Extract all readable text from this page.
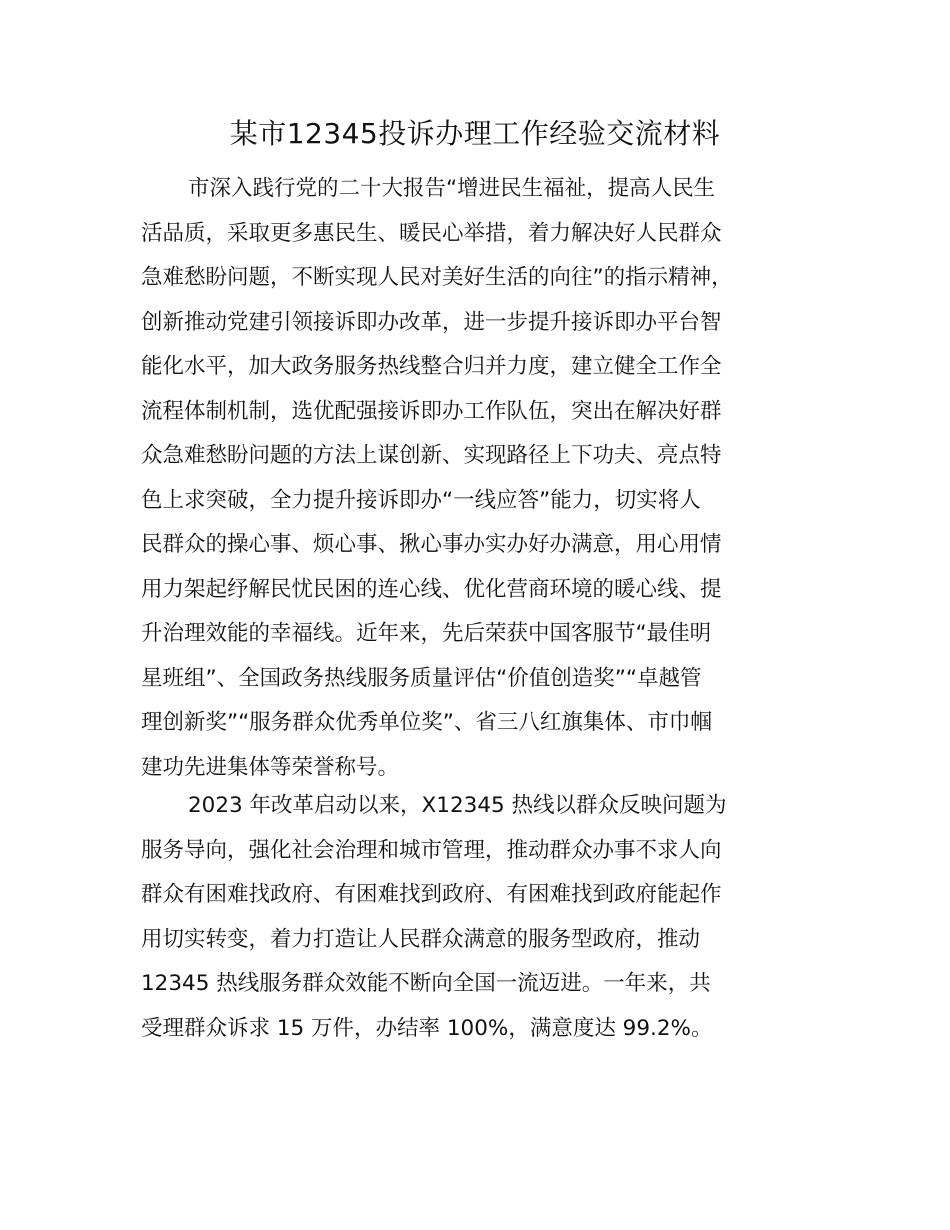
某市12345投诉办理工作经验交流材料
市深入践行党的二十大报告“增进民生福祉，提高人民生
活品质，采取更多惠民生、暖民心举措，着力解决好人民群众
急难愁盼问题，不断实现人民对美好生活的向往”的指示精神，
创新推动党建引领接诉即办改革，进一步提升接诉即办平台智
能化水平，加大政务服务热线整合归并力度，建立健全工作全
流程体制机制，选优配强接诉即办工作队伍，突出在解决好群
众急难愁盼问题的方法上谋创新、实现路径上下功夫、亮点特
色上求突破，全力提升接诉即办“一线应答”能力，切实将人
民群众的操心事、烦心事、揪心事办实办好办满意，用心用情
用力架起纾解民忧民困的连心线、优化营商环境的暖心线、提
升治理效能的幸福线。近年来，先后荣获中国客服节“最佳明
星班组”、全国政务热线服务质量评估“价值创造奖”“卓越管
理创新奖”“服务群众优秀单位奖”、省三八红旗集体、市巾帼
建功先进集体等荣誉称号。
2023 年改革启动以来，X12345 热线以群众反映问题为
服务导向，强化社会治理和城市管理，推动群众办事不求人向
群众有困难找政府、有困难找到政府、有困难找到政府能起作
用切实转变，着力打造让人民群众满意的服务型政府，推动
12345 热线服务群众效能不断向全国一流迈进。一年来，共
受理群众诉求 15 万件，办结率 100%，满意度达 99.2%。
